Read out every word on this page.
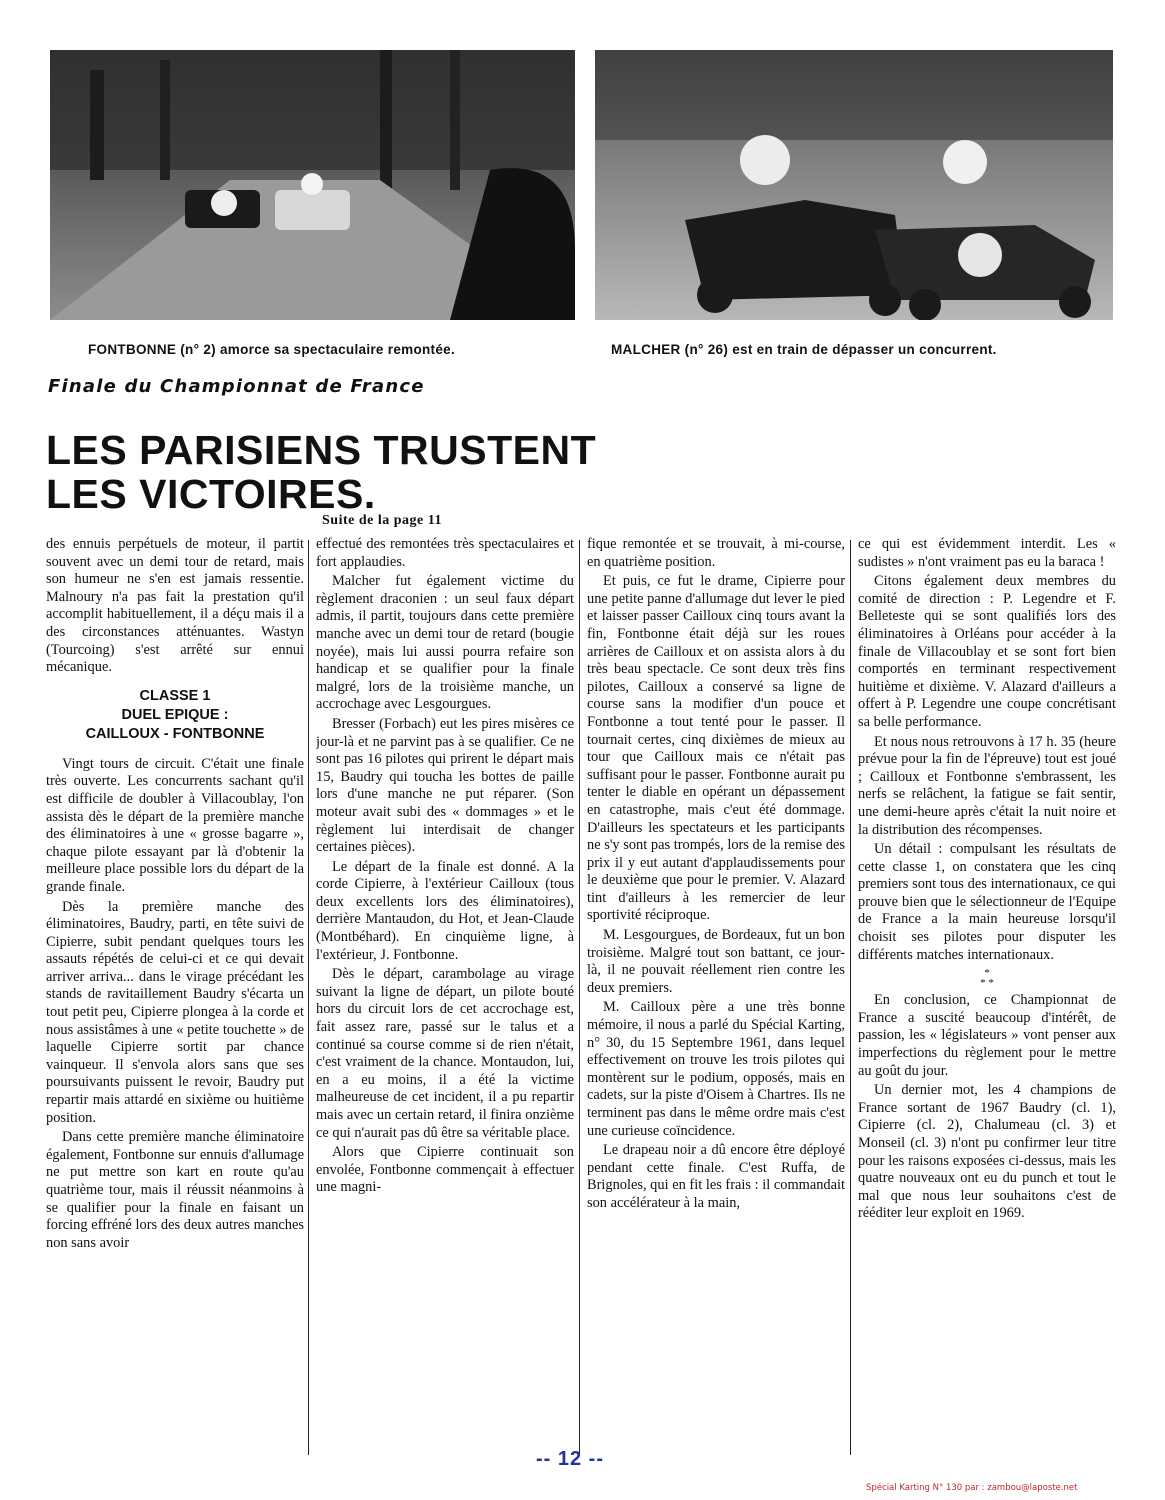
FONTBONNE (n° 2) amorce sa spectaculaire remontée.	MALCHER (n° 26) est en train de dépasser un concurrent.
Finale du Championnat de France
LES PARISIENS TRUSTENT
LES VICTOIRES.
Suite de la page 11

des ennuis perpétuels de moteur, il partit souvent avec un demi tour de retard, mais son humeur ne s'en est jamais ressentie. Malnoury n'a pas fait la prestation qu'il accomplit habituellement, il a déçu mais il a des circonstances atténuantes. Wastyn (Tourcoing) s'est arrêté sur ennui mécanique.

CLASSE 1
DUEL EPIQUE :
CAILLOUX - FONTBONNE

Vingt tours de circuit. C'était une finale très ouverte. Les concurrents sachant qu'il est difficile de doubler à Villacoublay, l'on assista dès le départ de la première manche des éliminatoires à une « grosse bagarre », chaque pilote essayant par là d'obtenir la meilleure place possible lors du départ de la grande finale.

Dès la première manche des éliminatoires, Baudry, parti, en tête suivi de Cipierre, subit pendant quelques tours les assauts répétés de celui-ci et ce qui devait arriver arriva... dans le virage précédant les stands de ravitaillement Baudry s'écarta un tout petit peu, Cipierre plongea à la corde et nous assistâmes à une « petite touchette » de laquelle Cipierre sortit par chance vainqueur. Il s'envola alors sans que ses poursuivants puissent le revoir, Baudry put repartir mais attardé en sixième ou huitième position.

Dans cette première manche éliminatoire également, Fontbonne sur ennuis d'allumage ne put mettre son kart en route qu'au quatrième tour, mais il réussit néanmoins à se qualifier pour la finale en faisant un forcing effréné lors des deux autres manches non sans avoir

effectué des remontées très spectaculaires et fort applaudies.

Malcher fut également victime du règlement draconien : un seul faux départ admis, il partit, toujours dans cette première manche avec un demi tour de retard (bougie noyée), mais lui aussi pourra refaire son handicap et se qualifier pour la finale malgré, lors de la troisième manche, un accrochage avec Lesgourgues.

Bresser (Forbach) eut les pires misères ce jour-là et ne parvint pas à se qualifier. Ce ne sont pas 16 pilotes qui prirent le départ mais 15, Baudry qui toucha les bottes de paille lors d'une manche ne put réparer. (Son moteur avait subi des « dommages » et le règlement lui interdisait de changer certaines pièces).

Le départ de la finale est donné. A la corde Cipierre, à l'extérieur Cailloux (tous deux excellents lors des éliminatoires), derrière Mantaudon, du Hot, et Jean-Claude (Montbéhard). En cinquième ligne, à l'extérieur, J. Fontbonne.

Dès le départ, carambolage au virage suivant la ligne de départ, un pilote bouté hors du circuit lors de cet accrochage est, fait assez rare, passé sur le talus et a continué sa course comme si de rien n'était, c'est vraiment de la chance. Montaudon, lui, en a eu moins, il a été la victime malheureuse de cet incident, il a pu repartir mais avec un certain retard, il finira onzième ce qui n'aurait pas dû être sa véritable place.

Alors que Cipierre continuait son envolée, Fontbonne commençait à effectuer une magni-

fique remontée et se trouvait, à mi-course, en quatrième position.

Et puis, ce fut le drame, Cipierre pour une petite panne d'allumage dut lever le pied et laisser passer Cailloux cinq tours avant la fin, Fontbonne était déjà sur les roues arrières de Cailloux et on assista alors à du très beau spectacle. Ce sont deux très fins pilotes, Cailloux a conservé sa ligne de course sans la modifier d'un pouce et Fontbonne a tout tenté pour le passer. Il tournait certes, cinq dixièmes de mieux au tour que Cailloux mais ce n'était pas suffisant pour le passer. Fontbonne aurait pu tenter le diable en opérant un dépassement en catastrophe, mais c'eut été dommage. D'ailleurs les spectateurs et les participants ne s'y sont pas trompés, lors de la remise des prix il y eut autant d'applaudissements pour le deuxième que pour le premier. V. Alazard tint d'ailleurs à les remercier de leur sportivité réciproque.

M. Lesgourgues, de Bordeaux, fut un bon troisième. Malgré tout son battant, ce jour-là, il ne pouvait réellement rien contre les deux premiers.

M. Cailloux père a une très bonne mémoire, il nous a parlé du Spécial Karting, n° 30, du 15 Septembre 1961, dans lequel effectivement on trouve les trois pilotes qui montèrent sur le podium, opposés, mais en cadets, sur la piste d'Oisem à Chartres. Ils ne terminent pas dans le même ordre mais c'est une curieuse coïncidence.

Le drapeau noir a dû encore être déployé pendant cette finale. C'est Ruffa, de Brignoles, qui en fit les frais : il commandait son accélérateur à la main,

ce qui est évidemment interdit. Les « sudistes » n'ont vraiment pas eu la baraca !

Citons également deux membres du comité de direction : P. Legendre et F. Belleteste qui se sont qualifiés lors des éliminatoires à Orléans pour accéder à la finale de Villacoublay et se sont fort bien comportés en terminant respectivement huitième et dixième. V. Alazard d'ailleurs a offert à P. Legendre une coupe concrétisant sa belle performance.

Et nous nous retrouvons à 17 h. 35 (heure prévue pour la fin de l'épreuve) tout est joué ; Cailloux et Fontbonne s'embrassent, les nerfs se relâchent, la fatigue se fait sentir, une demi-heure après c'était la nuit noire et la distribution des récompenses.

Un détail : compulsant les résultats de cette classe 1, on constatera que les cinq premiers sont tous des internationaux, ce qui prouve bien que le sélectionneur de l'Equipe de France a la main heureuse lorsqu'il choisit ses pilotes pour disputer les différents matches internationaux.

*
* *

En conclusion, ce Championnat de France a suscité beaucoup d'intérêt, de passion, les « législateurs » vont penser aux imperfections du règlement pour le mettre au goût du jour.

Un dernier mot, les 4 champions de France sortant de 1967 Baudry (cl. 1), Cipierre (cl. 2), Chalumeau (cl. 3) et Monseil (cl. 3) n'ont pu confirmer leur titre pour les raisons exposées ci-dessus, mais les quatre nouveaux ont eu du punch et tout le mal que nous leur souhaitons c'est de rééditer leur exploit en 1969.

-- 12 --
Spécial Karting N° 130 par : zambou@laposte.net
